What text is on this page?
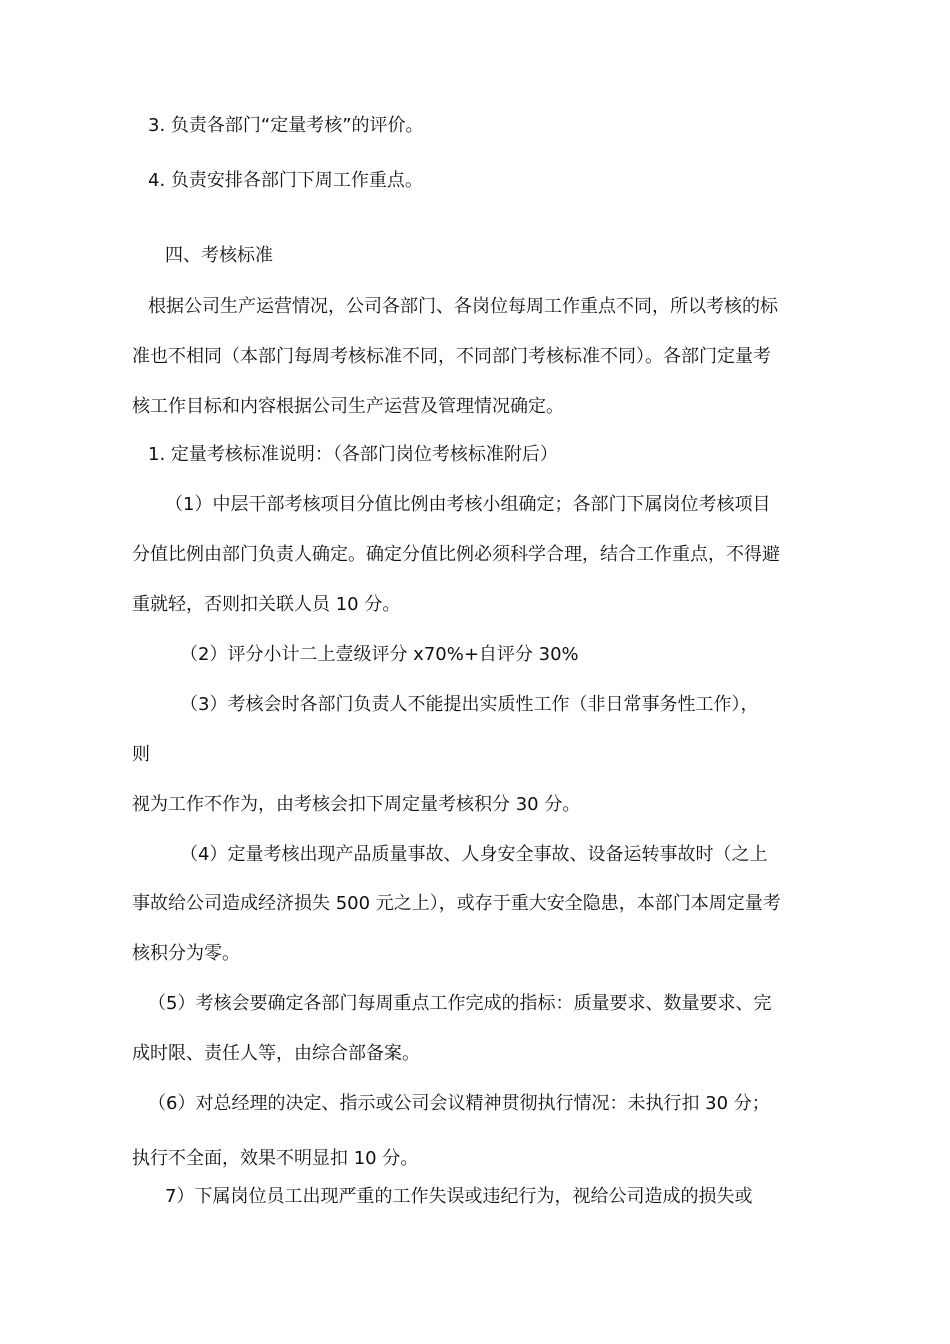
3. 负责各部门“定量考核”的评价。
4. 负责安排各部门下周工作重点。
四、考核标准
根据公司生产运营情况，公司各部门、各岗位每周工作重点不同，所以考核的标
准也不相同（本部门每周考核标准不同，不同部门考核标准不同）。各部门定量考
核工作目标和内容根据公司生产运营及管理情况确定。
1. 定量考核标准说明：（各部门岗位考核标准附后）
（1）中层干部考核项目分值比例由考核小组确定；各部门下属岗位考核项目
分值比例由部门负责人确定。确定分值比例必须科学合理，结合工作重点，不得避
重就轻，否则扣关联人员 10 分。
（2）评分小计二上壹级评分 x70%+自评分 30%
（3）考核会时各部门负责人不能提出实质性工作（非日常事务性工作），
则
视为工作不作为，由考核会扣下周定量考核积分 30 分。
（4）定量考核出现产品质量事故、人身安全事故、设备运转事故时（之上
事故给公司造成经济损失 500 元之上），或存于重大安全隐患，本部门本周定量考
核积分为零。
（5）考核会要确定各部门每周重点工作完成的指标：质量要求、数量要求、完
成时限、责任人等，由综合部备案。
（6）对总经理的决定、指示或公司会议精神贯彻执行情况：未执行扣 30 分；
执行不全面，效果不明显扣 10 分。
7）下属岗位员工出现严重的工作失误或违纪行为，视给公司造成的损失或
